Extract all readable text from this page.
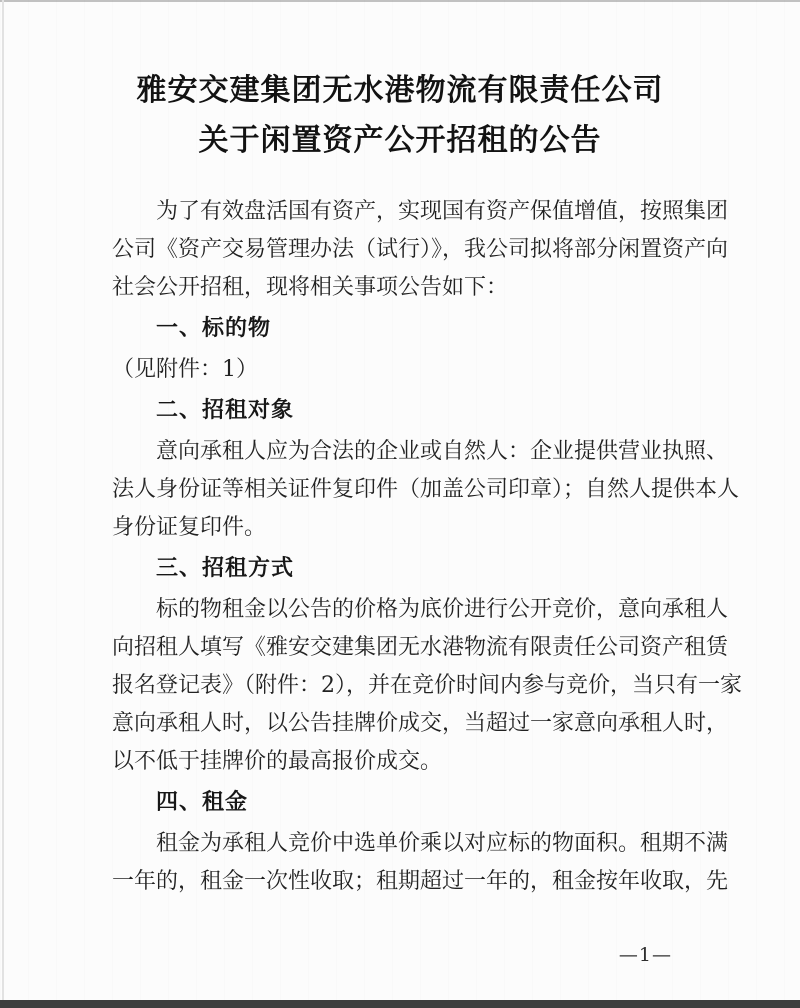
雅安交建集团无水港物流有限责任公司
关于闲置资产公开招租的公告
为了有效盘活国有资产，实现国有资产保值增值，按照集团
公司《资产交易管理办法（试行）》，我公司拟将部分闲置资产向
社会公开招租，现将相关事项公告如下：
一、标的物
（见附件：1）
二、招租对象
意向承租人应为合法的企业或自然人：企业提供营业执照、
法人身份证等相关证件复印件（加盖公司印章）；自然人提供本人
身份证复印件。
三、招租方式
标的物租金以公告的价格为底价进行公开竞价，意向承租人
向招租人填写《雅安交建集团无水港物流有限责任公司资产租赁
报名登记表》（附件：2），并在竞价时间内参与竞价，当只有一家
意向承租人时，以公告挂牌价成交，当超过一家意向承租人时，
以不低于挂牌价的最高报价成交。
四、租金
租金为承租人竞价中选单价乘以对应标的物面积。租期不满
一年的，租金一次性收取；租期超过一年的，租金按年收取，先
—1—
